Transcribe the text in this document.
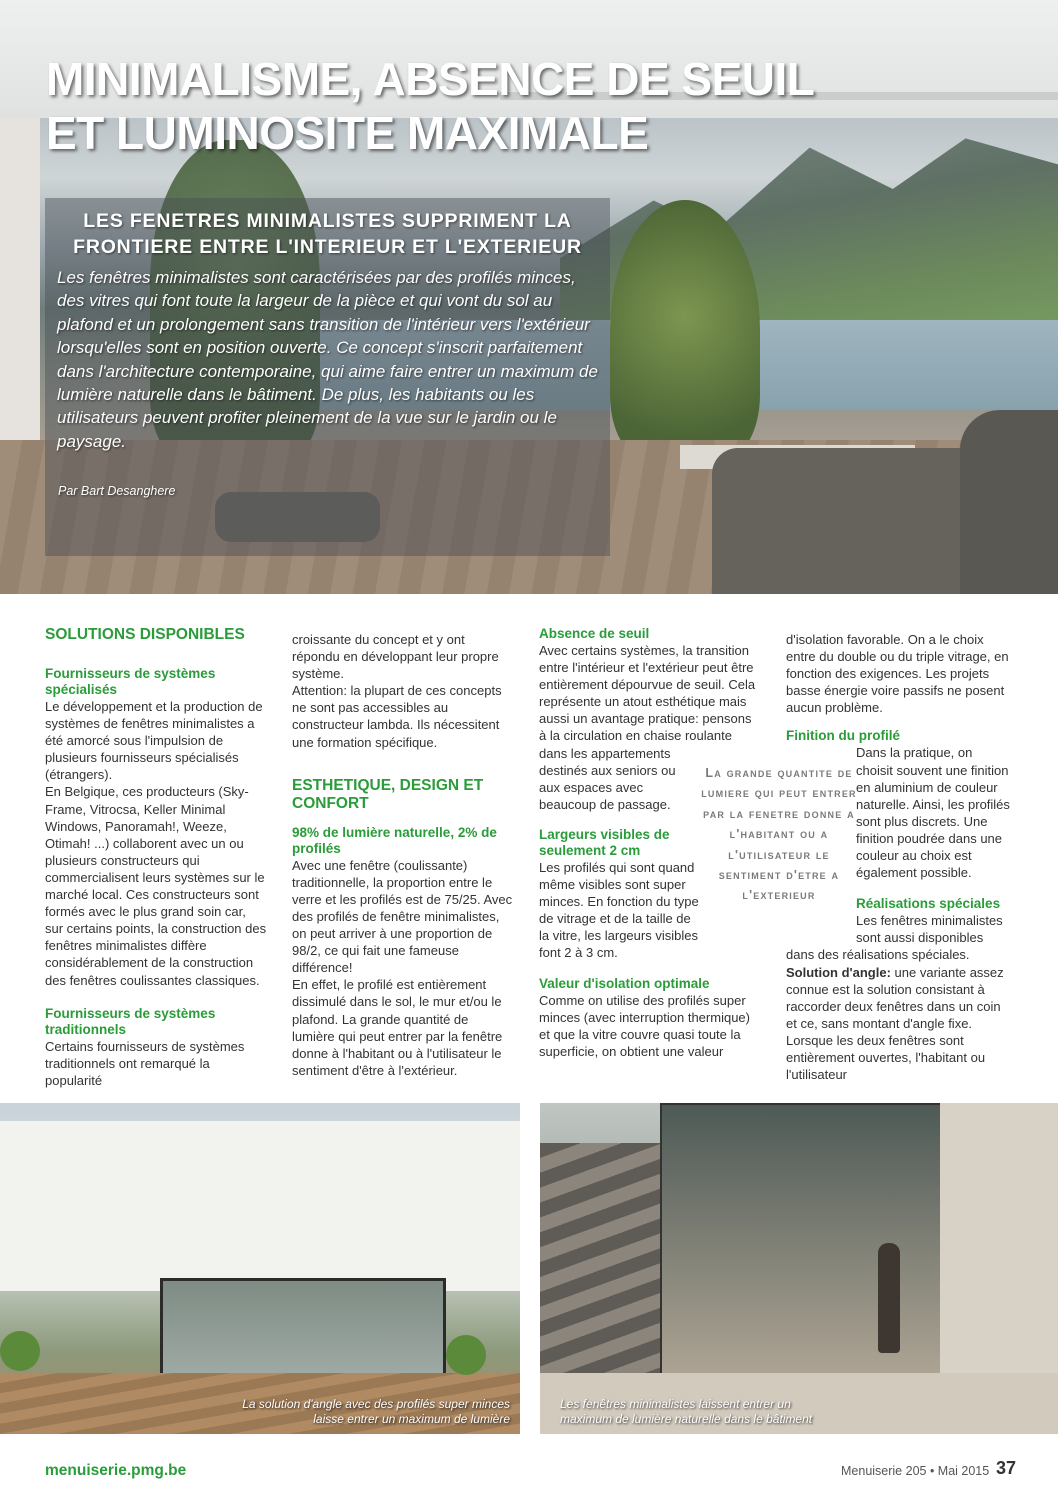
MINIMALISME, ABSENCE DE SEUIL ET LUMINOSITE MAXIMALE
LES FENETRES MINIMALISTES SUPPRIMENT LA FRONTIERE ENTRE L'INTERIEUR ET L'EXTERIEUR

Les fenêtres minimalistes sont caractérisées par des profilés minces, des vitres qui font toute la largeur de la pièce et qui vont du sol au plafond et un prolongement sans transition de l'intérieur vers l'extérieur lorsqu'elles sont en position ouverte. Ce concept s'inscrit parfaitement dans l'architecture contemporaine, qui aime faire entrer un maximum de lumière naturelle dans le bâtiment. De plus, les habitants ou les utilisateurs peuvent profiter pleinement de la vue sur le jardin ou le paysage.

Par Bart Desanghere
SOLUTIONS DISPONIBLES
Fournisseurs de systèmes spécialisés

Le développement et la production de systèmes de fenêtres minimalistes a été amorcé sous l'impulsion de plusieurs fournisseurs spécialisés (étrangers).

En Belgique, ces producteurs (Sky-Frame, Vitrocsa, Keller Minimal Windows, Panoramah!, Weeze, Otimah! ...) collaborent avec un ou plusieurs constructeurs qui commercialisent leurs systèmes sur le marché local. Ces constructeurs sont formés avec le plus grand soin car, sur certains points, la construction des fenêtres minimalistes diffère considérablement de la construction des fenêtres coulissantes classiques.

Fournisseurs de systèmes traditionnels

Certains fournisseurs de systèmes traditionnels ont remarqué la popularité

croissante du concept et y ont répondu en développant leur propre système.

Attention: la plupart de ces concepts ne sont pas accessibles au constructeur lambda. Ils nécessitent une formation spécifique.

ESTHETIQUE, DESIGN ET CONFORT
98% de lumière naturelle, 2% de profilés

Avec une fenêtre (coulissante) traditionnelle, la proportion entre le verre et les profilés est de 75/25. Avec des profilés de fenêtre minimalistes, on peut arriver à une proportion de 98/2, ce qui fait une fameuse différence!

En effet, le profilé est entièrement dissimulé dans le sol, le mur et/ou le plafond. La grande quantité de lumière qui peut entrer par la fenêtre donne à l'habitant ou à l'utilisateur le sentiment d'être à l'extérieur.

Absence de seuil

Avec certains systèmes, la transition entre l'intérieur et l'extérieur peut être entièrement dépourvue de seuil. Cela représente un atout esthétique mais aussi un avantage pratique: pensons à la circulation en chaise roulante

dans les appartements destinés aux seniors ou aux espaces avec beaucoup de passage.

Largeurs visibles de seulement 2 cm

Les profilés qui sont quand même visibles sont super minces. En fonction du type de vitrage et de la taille de la vitre, les largeurs visibles font 2 à 3 cm.

Valeur d'isolation optimale

Comme on utilise des profilés super minces (avec interruption thermique) et que la vitre couvre quasi toute la superficie, on obtient une valeur

La grande quantite de lumiere qui peut entrer par la fenetre donne a l'habitant ou a l'utilisateur le sentiment d'etre a l'exterieur

d'isolation favorable. On a le choix entre du double ou du triple vitrage, en fonction des exigences. Les projets basse énergie voire passifs ne posent aucun problème.

Finition du profilé

Dans la pratique, on choisit souvent une finition en aluminium de couleur naturelle. Ainsi, les profilés sont plus discrets. Une finition poudrée dans une couleur au choix est également possible.

Réalisations spéciales

Les fenêtres minimalistes sont aussi disponibles

dans des réalisations spéciales.

Solution d'angle: une variante assez connue est la solution consistant à raccorder deux fenêtres dans un coin et ce, sans montant d'angle fixe. Lorsque les deux fenêtres sont entièrement ouvertes, l'habitant ou l'utilisateur

La solution d'angle avec des profilés super minces laisse entrer un maximum de lumière
Les fenêtres minimalistes laissent entrer un maximum de lumière naturelle dans le bâtiment
menuiserie.pmg.be	Menuiserie 205 • Mai 2015 37
